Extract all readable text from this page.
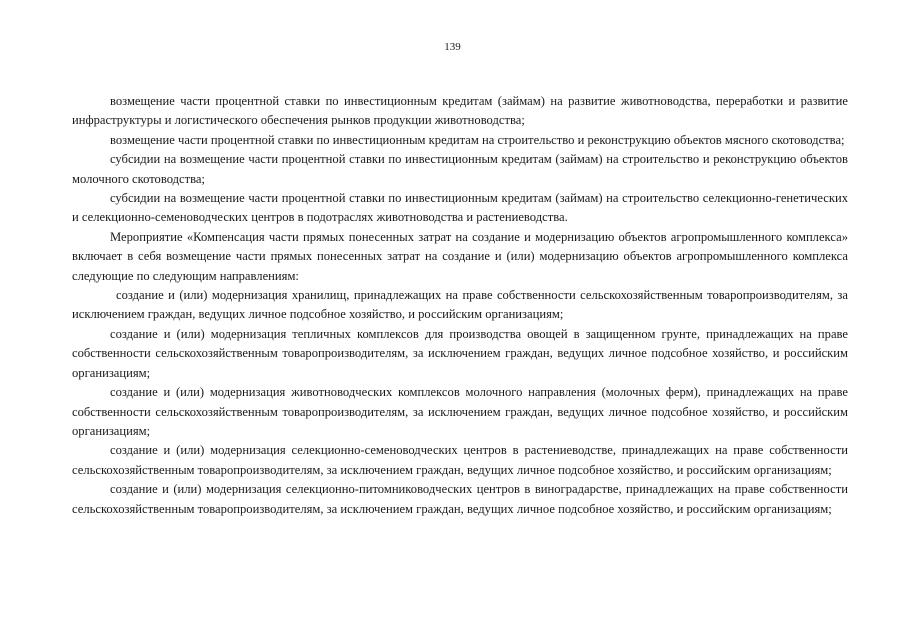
139

возмещение части процентной ставки по инвестиционным кредитам (займам) на развитие животноводства, переработки и развитие инфраструктуры и логистического обеспечения рынков продукции животноводства;

возмещение части процентной ставки по инвестиционным кредитам на строительство и реконструкцию объектов мясного скотоводства;

субсидии на возмещение части процентной ставки по инвестиционным кредитам (займам) на строительство и реконструкцию объектов молочного скотоводства;

субсидии на возмещение части процентной ставки по инвестиционным кредитам (займам) на строительство селекционно-генетических и селекционно-семеноводческих центров в подотраслях животноводства и растениеводства.

Мероприятие «Компенсация части прямых понесенных затрат на создание и модернизацию объектов агропромышленного комплекса» включает в себя возмещение части прямых понесенных затрат на создание и (или) модернизацию объектов агропромышленного комплекса следующие по следующим направлениям:

создание и (или) модернизация хранилищ, принадлежащих на праве собственности сельскохозяйственным товаропроизводителям, за исключением граждан, ведущих личное подсобное хозяйство, и российским организациям;

создание и (или) модернизация тепличных комплексов для производства овощей в защищенном грунте, принадлежащих на праве собственности сельскохозяйственным товаропроизводителям, за исключением граждан, ведущих личное подсобное хозяйство, и российским организациям;

создание и (или) модернизация животноводческих комплексов молочного направления (молочных ферм), принадлежащих на праве собственности сельскохозяйственным товаропроизводителям, за исключением граждан, ведущих личное подсобное хозяйство, и российским организациям;

создание и (или) модернизация селекционно-семеноводческих центров в растениеводстве, принадлежащих на праве собственности сельскохозяйственным товаропроизводителям, за исключением граждан, ведущих личное подсобное хозяйство, и российским организациям;

создание и (или) модернизация селекционно-питомниководческих центров в виноградарстве, принадлежащих на праве собственности сельскохозяйственным товаропроизводителям, за исключением граждан, ведущих личное подсобное хозяйство, и российским организациям;
